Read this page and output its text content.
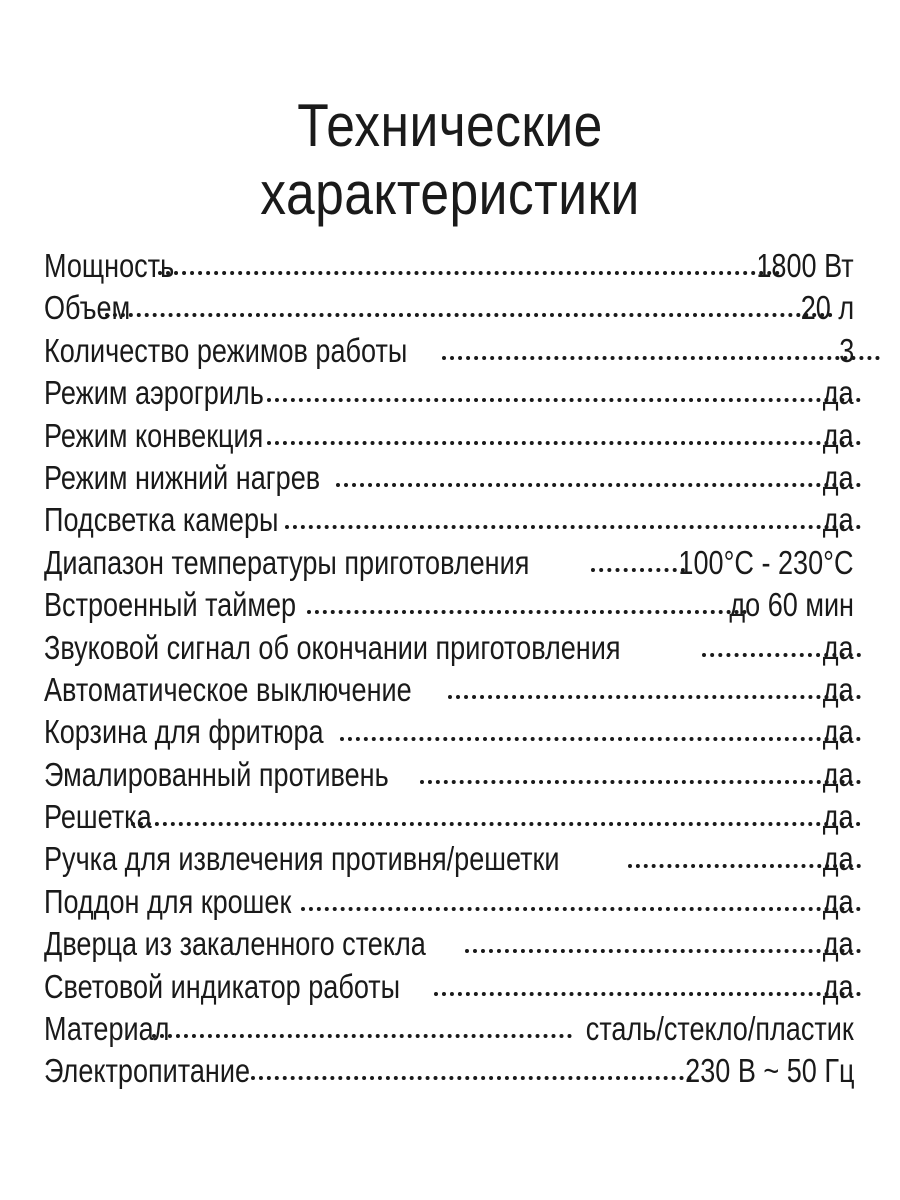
Технические
характеристики
Мощность	1800 Вт
Объем	20 л
Количество режимов работы	3
Режим аэрогриль	да
Режим конвекция	да
Режим нижний нагрев	да
Подсветка камеры	да
Диапазон температуры приготовления	100°С - 230°С
Встроенный таймер	до 60 мин
Звуковой сигнал об окончании приготовления	да
Автоматическое выключение	да
Корзина для фритюра	да
Эмалированный противень	да
Решетка	да
Ручка для извлечения противня/решетки	да
Поддон для крошек	да
Дверца из закаленного стекла	да
Световой индикатор работы	да
Материал	сталь/стекло/пластик
Электропитание	230 В ~ 50 Гц
